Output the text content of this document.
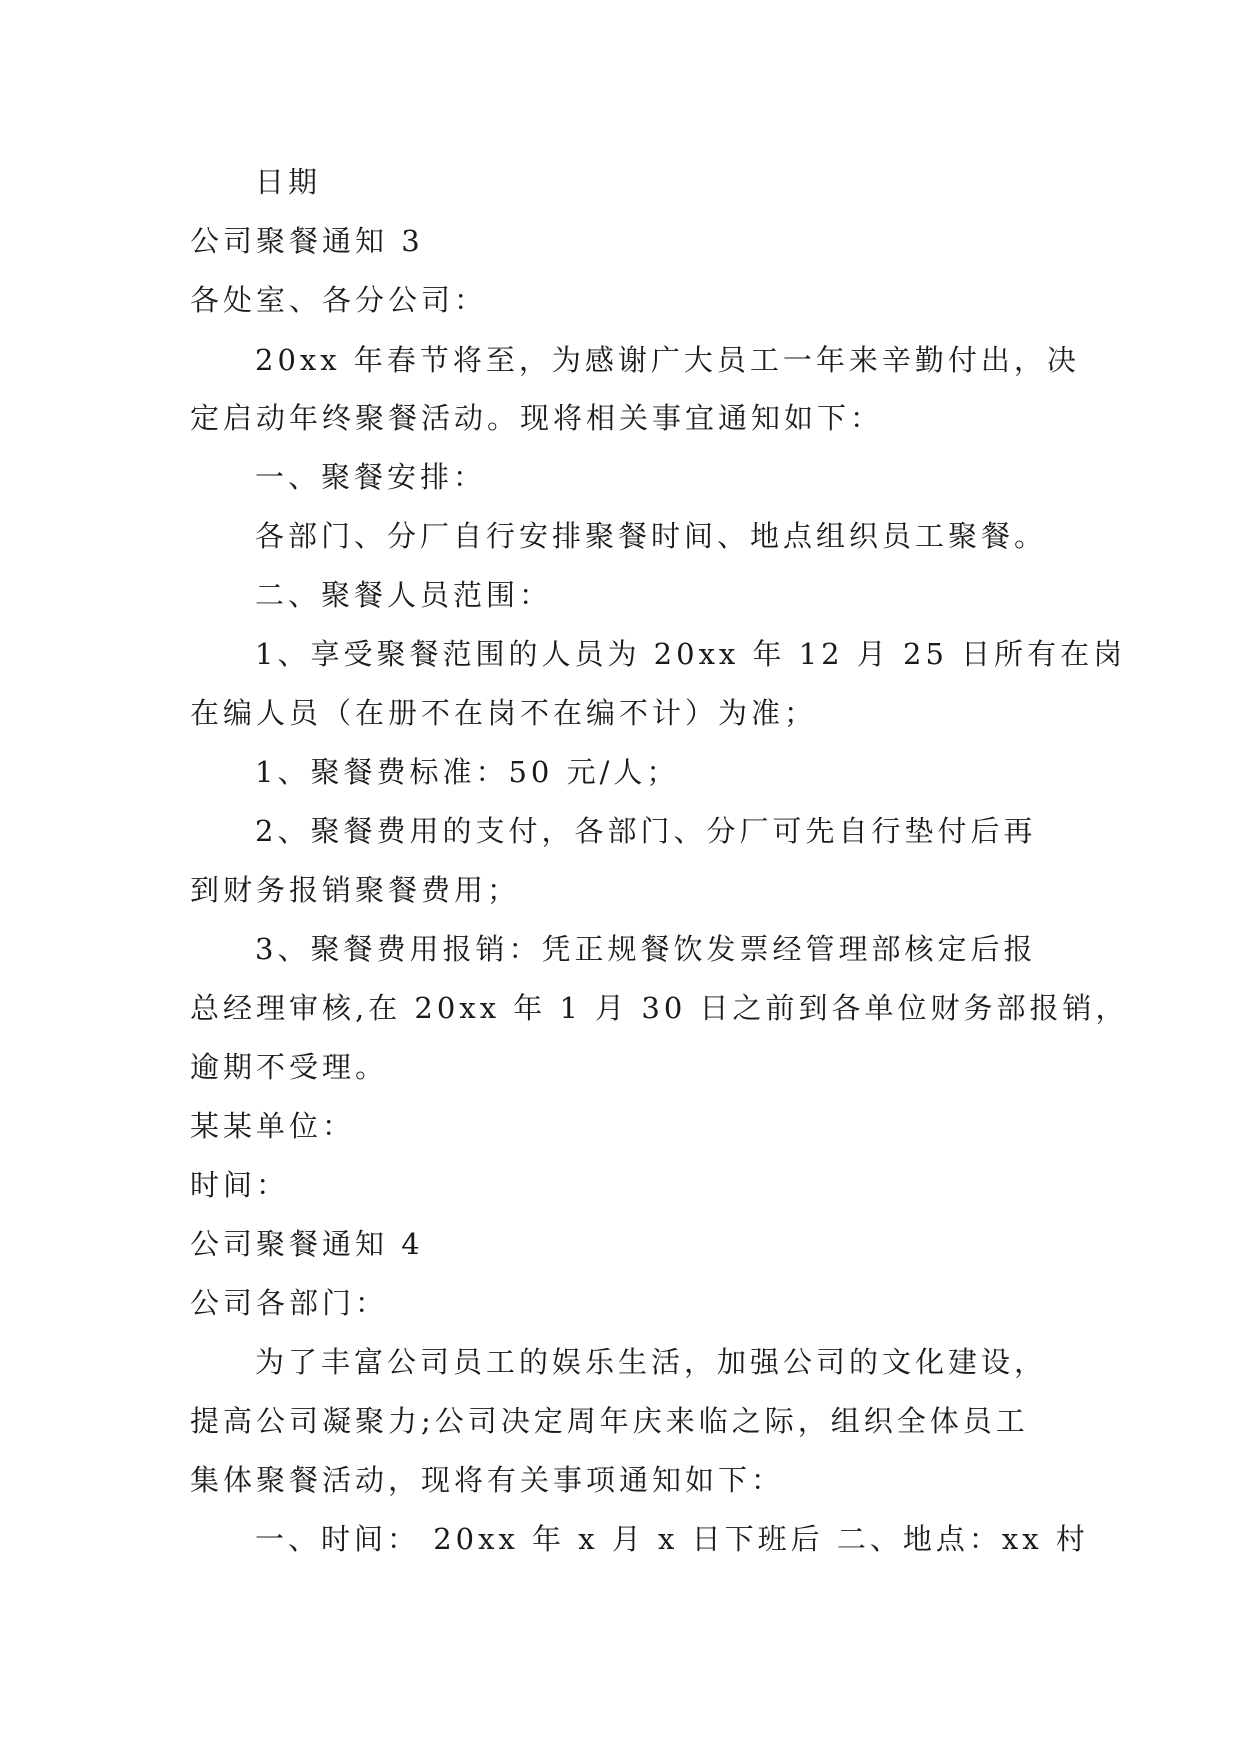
日期
公司聚餐通知 3
各处室、各分公司：
20xx 年春节将至，为感谢广大员工一年来辛勤付出，决
定启动年终聚餐活动。现将相关事宜通知如下：
一、聚餐安排：
各部门、分厂自行安排聚餐时间、地点组织员工聚餐。
二、聚餐人员范围：
1、享受聚餐范围的人员为 20xx 年 12 月 25 日所有在岗
在编人员（在册不在岗不在编不计）为准；
1、聚餐费标准：50 元/人；
2、聚餐费用的支付，各部门、分厂可先自行垫付后再
到财务报销聚餐费用；
3、聚餐费用报销：凭正规餐饮发票经管理部核定后报
总经理审核,在 20xx 年 1 月 30 日之前到各单位财务部报销，
逾期不受理。
某某单位：
时间：
公司聚餐通知 4
公司各部门：
为了丰富公司员工的娱乐生活，加强公司的文化建设，
提高公司凝聚力;公司决定周年庆来临之际，组织全体员工
集体聚餐活动，现将有关事项通知如下：
一、时间： 20xx 年 x 月 x 日下班后 二、地点：xx 村
